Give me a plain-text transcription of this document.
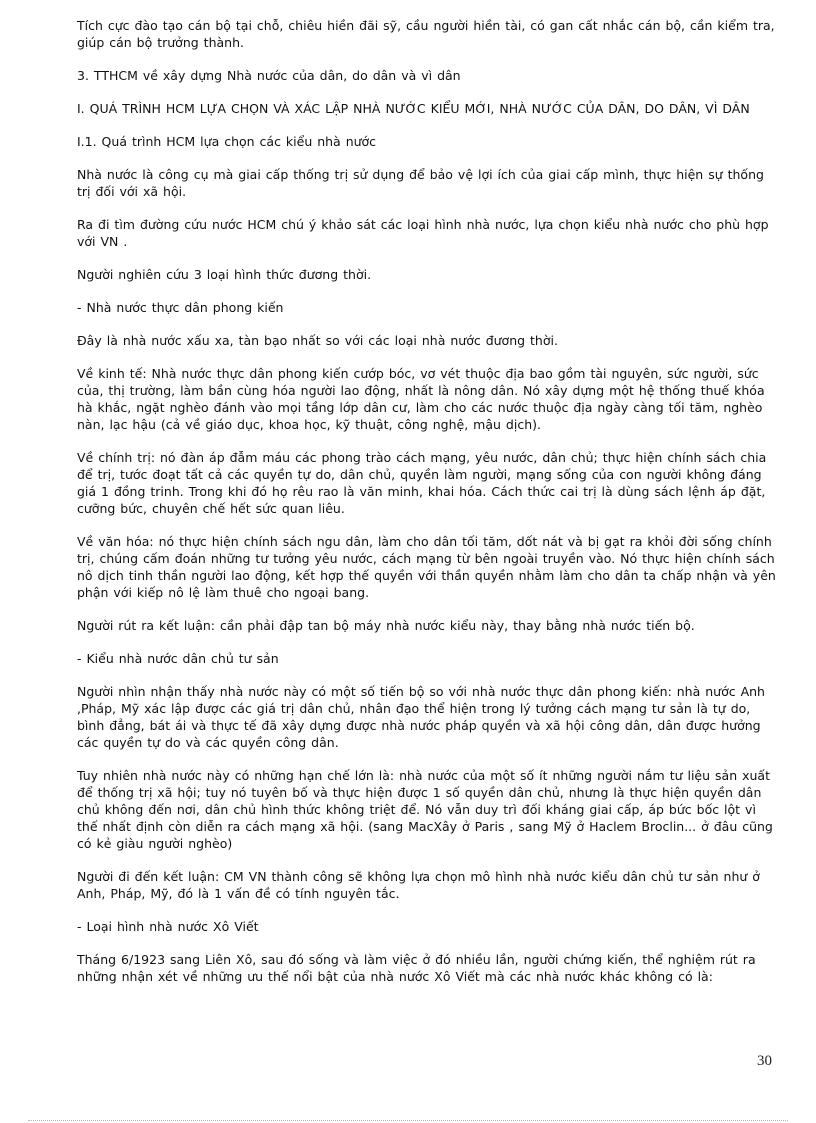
Tích cực đào tạo cán bộ tại chỗ, chiêu hiền đãi sỹ, cầu người hiền tài, có gan cất nhắc cán bộ, cần kiểm tra, giúp cán bộ trưởng thành.

3. TTHCM về xây dựng Nhà nước của dân, do dân và vì dân

I. QUÁ TRÌNH HCM LỰA CHỌN VÀ XÁC LẬP NHÀ NƯỚC KIỂU MỚI, NHÀ NƯỚC CỦA DÂN, DO DÂN, VÌ DÂN

I.1. Quá trình HCM lựa chọn các kiểu nhà nước

Nhà nước là công cụ mà giai cấp thống trị sử dụng để bảo vệ lợi ích của giai cấp mình, thực hiện sự thống trị đối với xã hội.

Ra đi tìm đường cứu nước HCM chú ý khảo sát các loại hình nhà nước, lựa chọn kiểu nhà nước cho phù hợp với VN .

Người nghiên cứu 3 loại hình thức đương thời.

- Nhà nước thực dân phong kiến

Đây là nhà nước xấu xa, tàn bạo nhất so với các loại nhà nước đương thời.

Về kinh tế: Nhà nước thực dân phong kiến cướp bóc, vơ vét thuộc địa bao gồm tài nguyên, sức người, sức của, thị trường, làm bần cùng hóa người lao động, nhất là nông dân. Nó xây dựng một hệ thống thuế khóa hà khắc, ngặt nghèo đánh vào mọi tầng lớp dân cư, làm cho các nước thuộc địa ngày càng tối tăm, nghèo nàn, lạc hậu (cả về giáo dục, khoa học, kỹ thuật, công nghệ, mậu dịch).

Về chính trị: nó đàn áp đẫm máu các phong trào cách mạng, yêu nước, dân chủ; thực hiện chính sách chia để trị, tước đoạt tất cả các quyền tự do, dân chủ, quyền làm người, mạng sống của con người không đáng giá 1 đồng trinh. Trong khi đó họ rêu rao là văn minh, khai hóa. Cách thức cai trị là dùng sách lệnh áp đặt, cưỡng bức, chuyên chế hết sức quan liêu.

Về văn hóa: nó thực hiện chính sách ngu dân, làm cho dân tối tăm, dốt nát và bị gạt ra khỏi đời sống chính trị, chúng cấm đoán những tư tưởng yêu nước, cách mạng từ bên ngoài truyền vào. Nó thực hiện chính sách nô dịch tinh thần người lao động, kết hợp thế quyền với thần quyền nhằm làm cho dân ta chấp nhận và yên phận với kiếp nô lệ làm thuê cho ngoại bang.

Người rút ra kết luận: cần phải đập tan bộ máy nhà nước kiểu này, thay bằng nhà nước tiến bộ.

- Kiểu nhà nước dân chủ tư sản

Người nhìn nhận thấy nhà nước này có một số tiến bộ so với nhà nước thực dân phong kiến: nhà nước Anh ,Pháp, Mỹ xác lập được các giá trị dân chủ, nhân đạo thể hiện trong lý tưởng cách mạng tư sản là tự do, bình đẳng, bát ái và thực tế đã xây dựng được nhà nước pháp quyền và xã hội công dân, dân được hưởng các quyền tự do và các quyền công dân.

Tuy nhiên nhà nước này có những hạn chế lớn là: nhà nước của một số ít những người nắm tư liệu sản xuất để thống trị xã hội; tuy nó tuyên bố và thực hiện được 1 số quyền dân chủ, nhưng là thực hiện quyền dân chủ không đến nơi, dân chủ hình thức không triệt để. Nó vẫn duy trì đối kháng giai cấp, áp bức bốc lột vì thế nhất định còn diễn ra cách mạng xã hội. (sang MacXây ở Paris , sang Mỹ ở Haclem Broclin... ở đâu cũng có kẻ giàu người nghèo)

Người đi đến kết luận: CM VN thành công sẽ không lựa chọn mô hình nhà nước kiểu dân chủ tư sản như ở Anh, Pháp, Mỹ, đó là 1 vấn đề có tính nguyên tắc.

- Loại hình nhà nước Xô Viết

Tháng 6/1923 sang Liên Xô, sau đó sống và làm việc ở đó nhiều lần, người chứng kiến, thể nghiệm rút ra những nhận xét về những ưu thế nổi bật của nhà nước Xô Viết mà các nhà nước khác không có là:

30
